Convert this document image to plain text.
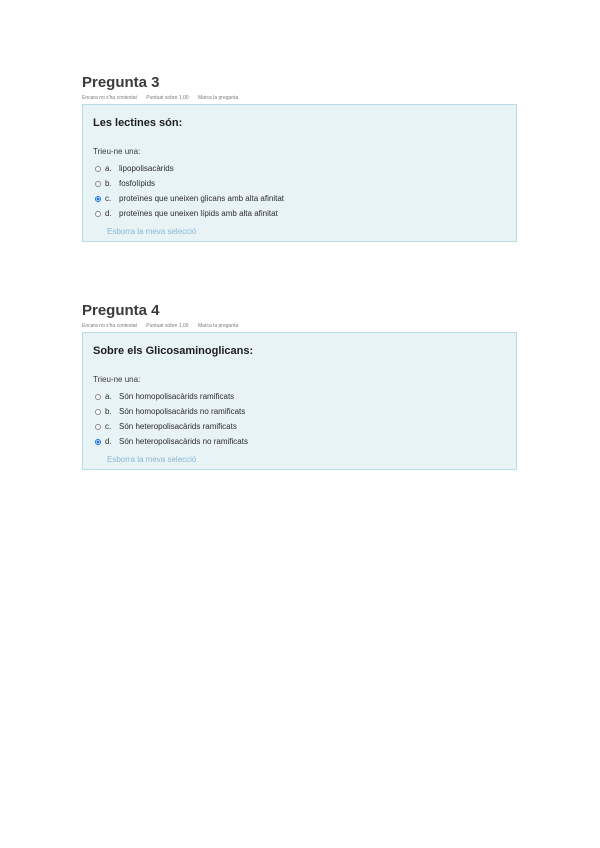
Pregunta 3
Encara no s'ha contestat Puntuat sobre 1,00 Marca la pregunta

Les lectines són:

Trieu-ne una:
a. lipopolisacàrids
b. fosfolípids
c. proteïnes que uneixen glicans amb alta afinitat
d. proteïnes que uneixen lípids amb alta afinitat
Esborra la meva selecció
Pregunta 4
Encara no s'ha contestat Puntuat sobre 1,00 Marca la pregunta

Sobre els Glicosaminoglicans:

Trieu-ne una:
a. Són homopolisacàrids ramificats
b. Són homopolisacàrids no ramificats
c. Són heteropolisacàrids ramificats
d. Són heteropolisacàrids no ramificats
Esborra la meva selecció
